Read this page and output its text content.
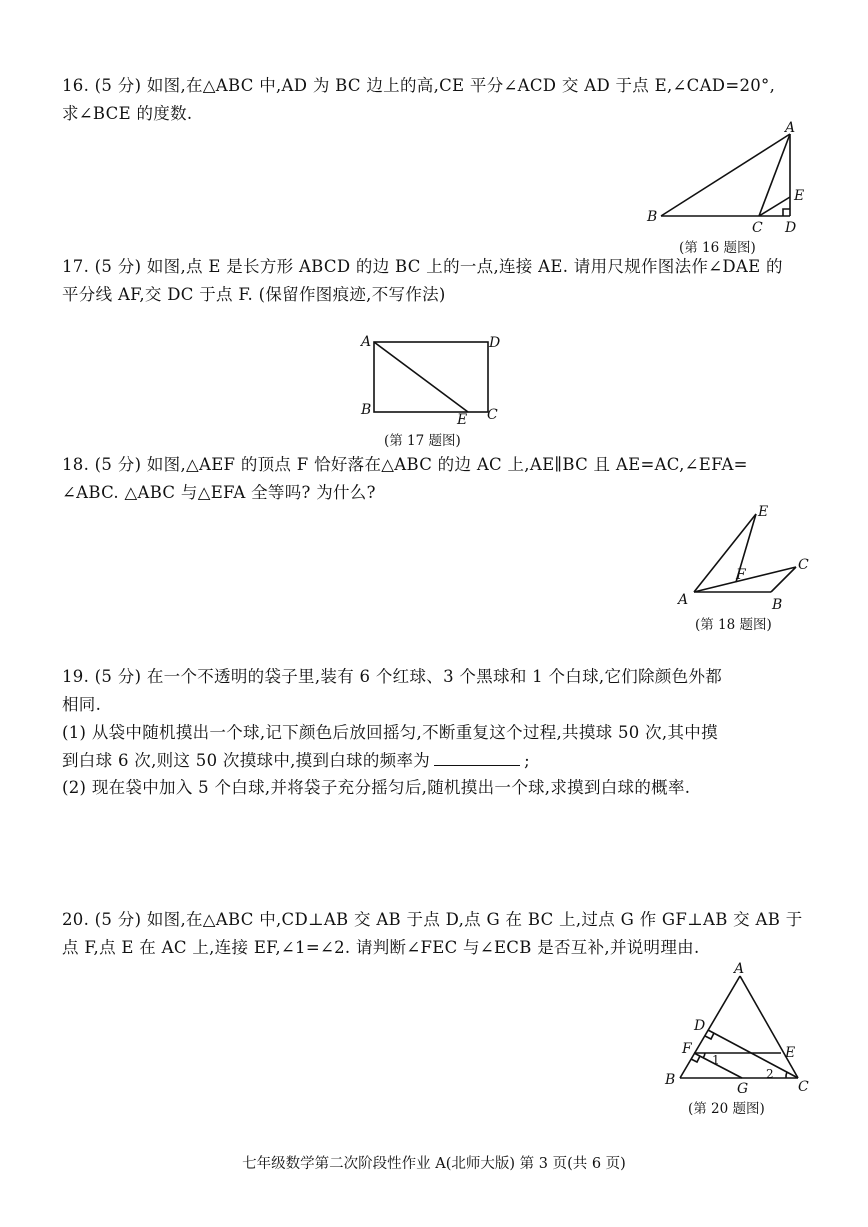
16. (5 分) 如图,在△ABC 中,AD 为 BC 边上的高,CE 平分∠ACD 交 AD 于点 E,∠CAD=20°,
求∠BCE 的度数.
A
B
C D
E
(第 16 题图)
17. (5 分) 如图,点 E 是长方形 ABCD 的边 BC 上的一点,连接 AE. 请用尺规作图法作∠DAE 的
平分线 AF,交 DC 于点 F. (保留作图痕迹,不写作法)
A
B	C
D
E
(第 17 题图)
18. (5 分) 如图,△AEF 的顶点 F 恰好落在△ABC 的边 AC 上,AE∥BC 且 AE=AC,∠EFA=
∠ABC. △ABC 与△EFA 全等吗? 为什么?
A	B
C
E
F
(第 18 题图)
19. (5 分) 在一个不透明的袋子里,装有 6 个红球、3 个黑球和 1 个白球,它们除颜色外都
相同.
(1) 从袋中随机摸出一个球,记下颜色后放回摇匀,不断重复这个过程,共摸球 50 次,其中摸
到白球 6 次,则这 50 次摸球中,摸到白球的频率为	;
(2) 现在袋中加入 5 个白球,并将袋子充分摇匀后,随机摸出一个球,求摸到白球的概率.
20. (5 分) 如图,在△ABC 中,CD⊥AB 交 AB 于点 D,点 G 在 BC 上,过点 G 作 GF⊥AB 交 AB 于
点 F,点 E 在 AC 上,连接 EF,∠1=∠2. 请判断∠FEC 与∠ECB 是否互补,并说明理由.
A
B	C
D
E
F
G
1
2
(第 20 题图)
七年级数学第二次阶段性作业 A(北师大版) 第 3 页(共 6 页)
